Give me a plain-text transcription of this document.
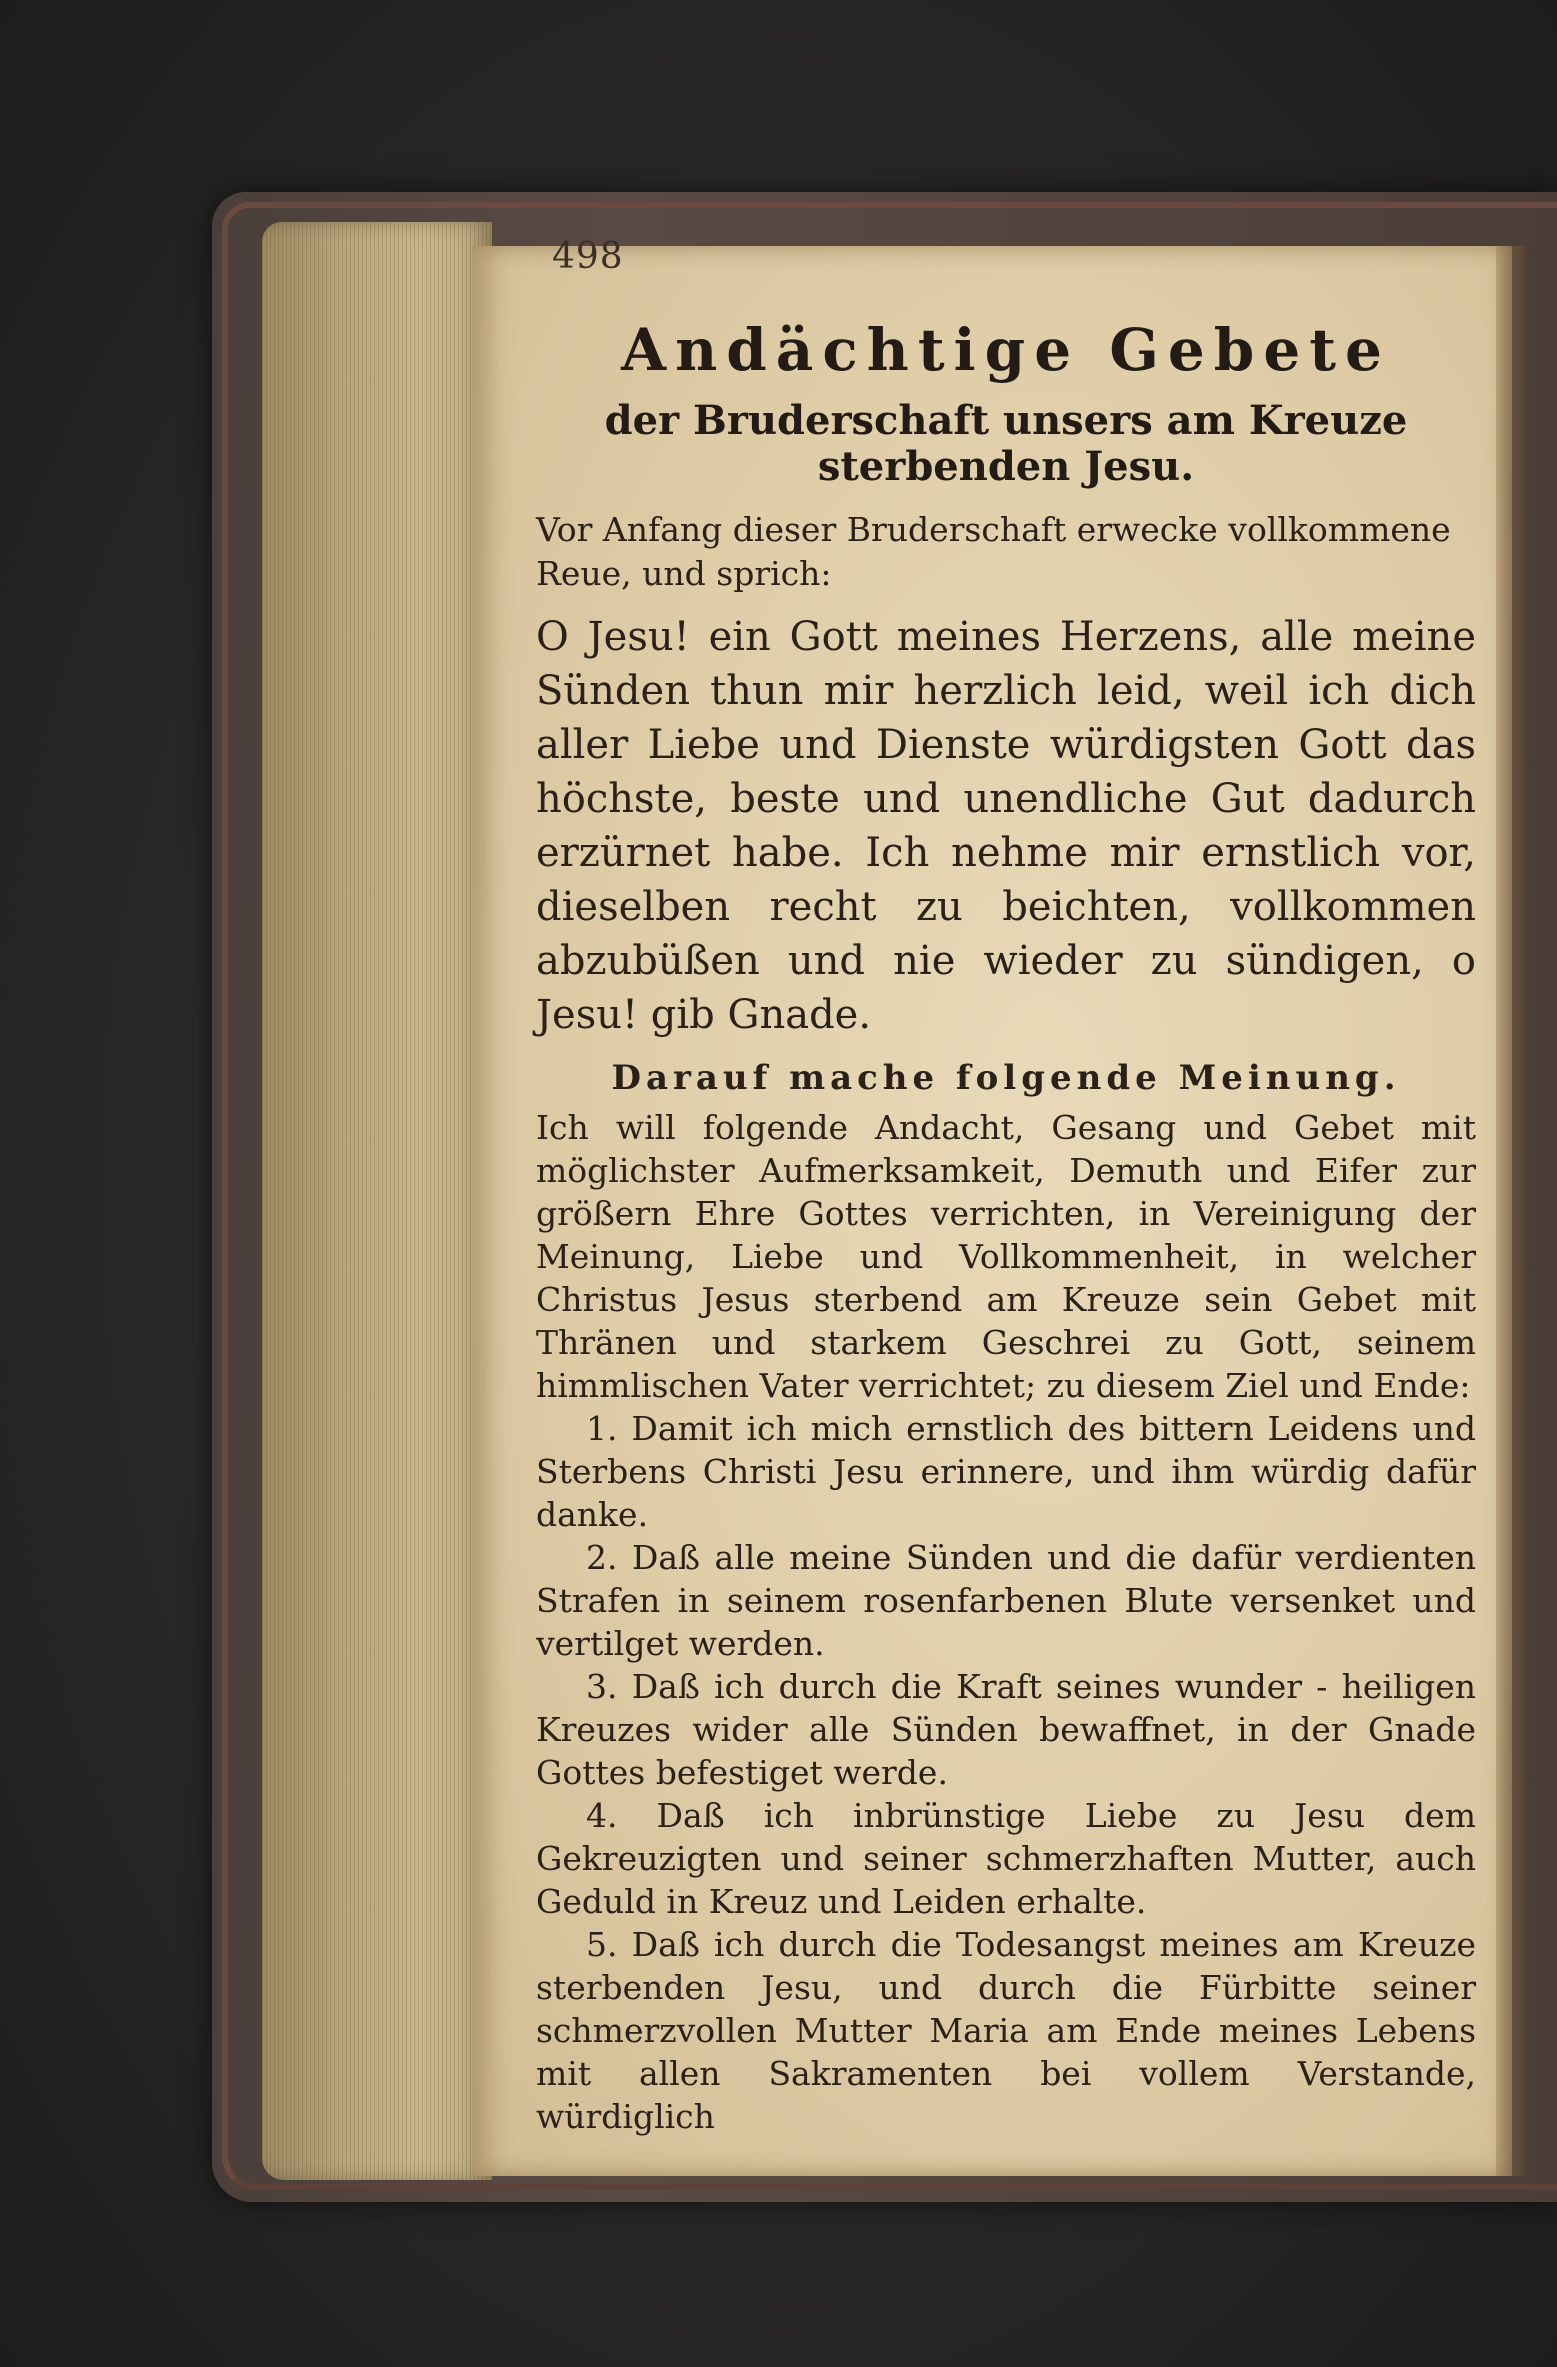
498
Andächtige Gebete
der Bruderschaft unsers am Kreuze sterbenden Jesu.

Vor Anfang dieser Bruderschaft erwecke vollkommene Reue, und sprich:

O Jesu! ein Gott meines Herzens, alle meine Sünden thun mir herzlich leid, weil ich dich aller Liebe und Dienste würdigsten Gott das höchste, beste und unendliche Gut dadurch erzürnet habe. Ich nehme mir ernstlich vor, dieselben recht zu beichten, vollkommen abzubüßen und nie wieder zu sündigen, o Jesu! gib Gnade.

Darauf mache folgende Meinung.

Ich will folgende Andacht, Gesang und Gebet mit möglichster Aufmerksamkeit, Demuth und Eifer zur größern Ehre Gottes verrichten, in Vereinigung der Meinung, Liebe und Vollkommenheit, in welcher Christus Jesus sterbend am Kreuze sein Gebet mit Thränen und starkem Geschrei zu Gott, seinem himmlischen Vater verrichtet; zu diesem Ziel und Ende:

1. Damit ich mich ernstlich des bittern Leidens und Sterbens Christi Jesu erinnere, und ihm würdig dafür danke.

2. Daß alle meine Sünden und die dafür verdienten Strafen in seinem rosenfarbenen Blute versenket und vertilget werden.

3. Daß ich durch die Kraft seines wunder - heiligen Kreuzes wider alle Sünden bewaffnet, in der Gnade Gottes befestiget werde.

4. Daß ich inbrünstige Liebe zu Jesu dem Gekreuzigten und seiner schmerzhaften Mutter, auch Geduld in Kreuz und Leiden erhalte.

5. Daß ich durch die Todesangst meines am Kreuze sterbenden Jesu, und durch die Fürbitte seiner schmerzvollen Mutter Maria am Ende meines Lebens mit allen Sakramenten bei vollem Verstande, würdiglich
